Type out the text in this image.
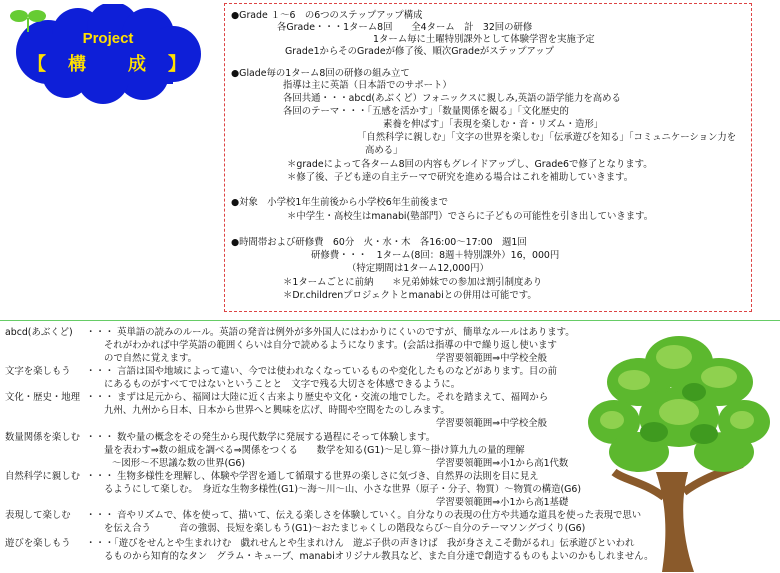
Project
【　構　　成　】
●Grade １～6　の6つのステップアップ構成
各Grade・・・1ターム8回　　全4ターム　計　32回の研修
1ターム毎に土曜特別課外として体験学習を実施予定
Grade1からそのGradeが修了後、順次Gradeがステップアップ
●Glade毎の1ターム8回の研修の組み立て
指導は主に英語（日本語でのサポート）
各回共通・・・abcd(あぶくど）フォニックスに親しみ,英語の語学能力を高める
各回のテーマ・・・「五感を活かす」「数量関係を観る」「文化歴史的
素養を伸ばす」「表現を楽しむ・音・リズム・造形」
「自然科学に親しむ」「文字の世界を楽しむ」「伝承遊びを知る」「コミュニケーション力を
高める」
＊gradeによって各ターム8回の内容もグレイドアップし、Grade6で修了となります。
＊修了後、子ども達の自主テーマで研究を進める場合はこれを補助していきます。
●対象　小学校1年生前後から小学校6年生前後まで
＊中学生・高校生はmanabi(塾部門）でさらに子どもの可能性を引き出していきます。
●時間帯および研修費　60分　火・水・木　各16:00～17:00　週1回
研修費・・・　1ターム(8回：8週＋特別課外）16，000円
（特定期間は1ターム12,000円）
＊1タームごとに前納　　＊兄弟姉妹での参加は割引制度あり
＊Dr.childrenプロジェクトとmanabiとの併用は可能です。
abcd(あぶくど) ・・・ 英単語の読みのルール。英語の発音は例外が多外国人にはわかりにくいのですが、簡単なルールはあります。
それがわかれば中学英語の範囲くらいは自分で読めるようになります。(会話は指導の中で繰り返し使います
ので自然に覚えます。	学習要領範囲⇒中学校全般
文字を楽しもう ・・・ 言語は国や地域によって違い、今では使われなくなっているものや変化したものなどがあります。目の前
にあるものがすべてではないということと　文字で残る大切さを体感できるように。
文化・歴史・地理 ・・・ まずは足元から、福岡は大陸に近く古来より歴史や文化・交流の地でした。それを踏まえて、福岡から
九州、九州から日本、日本から世界へと興味を広げ、時間や空間をたのしみます。
学習要領範囲⇒中学校全般
数量関係を楽しむ ・・・ 数や量の概念をその発生から現代数学に発展する過程にそって体験します。
量を表わす⇒数の組成を調べる⇒関係をつくる　　数学を知る(G1)～足し算～掛け算九九の量的理解
～図形～不思議な数の世界(G6)	学習要領範囲⇒小1から高1代数
自然科学に親しむ ・・・ 生物多様性を理解し、体験や学習を通して循環する世界の楽しさに気づき、自然界の法則を目に見え
るようにして楽しむ。　身近な生物多様性(G1)～海～川～山、小さな世界（原子・分子、物質）～物質の構造(G6)
学習要領範囲⇒小1から高1基礎
表現して楽しむ ・・・ 音やリズムで、体を使って、描いて、伝える楽しさを体験していく。自分なりの表現の仕方や共通な道具を使った表現で思い
を伝え合う　　　音の強弱、長短を楽しもう(G1)～おたまじゃくしの階段ならび～自分のテーマソングづくり(G6)
遊びを楽しもう ・・・「遊びをせんとや生まれけむ　戯れせんとや生まれけん　遊ぶ子供の声きけば　我が身さえこそ動がるれ」伝承遊びといわれ
るものから知育的なタン　グラム・キューブ、manabiオリジナル教具など、また自分達で創造するものもよいのかもしれません。
